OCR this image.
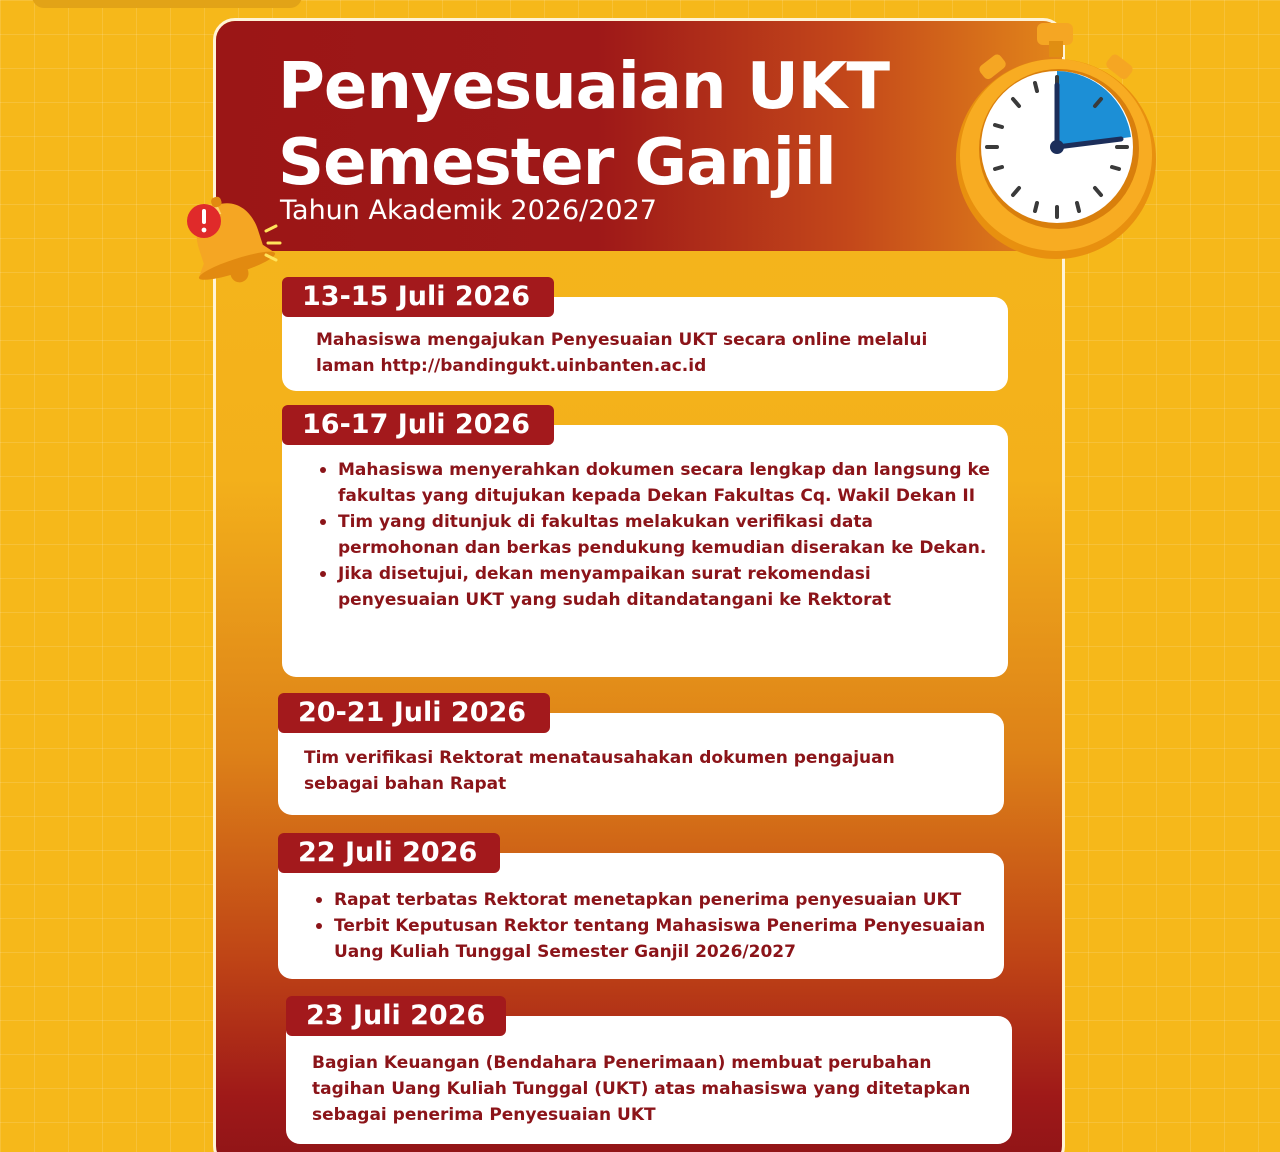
Penyesuaian UKT
Semester Ganjil
Tahun Akademik 2026/2027
13-15 Juli 2026
Mahasiswa mengajukan Penyesuaian UKT secara online melalui laman http://bandingukt.uinbanten.ac.id
16-17 Juli 2026
Mahasiswa menyerahkan dokumen secara lengkap dan langsung ke fakultas yang ditujukan kepada Dekan Fakultas Cq. Wakil Dekan II
Tim yang ditunjuk di fakultas melakukan verifikasi data permohonan dan berkas pendukung kemudian diserakan ke Dekan.
Jika disetujui, dekan menyampaikan surat rekomendasi penyesuaian UKT yang sudah ditandatangani ke Rektorat
20-21 Juli 2026
Tim verifikasi Rektorat menatausahakan dokumen pengajuan sebagai bahan Rapat
22 Juli 2026
Rapat terbatas Rektorat menetapkan penerima penyesuaian UKT
Terbit Keputusan Rektor tentang Mahasiswa Penerima Penyesuaian Uang Kuliah Tunggal Semester Ganjil 2026/2027
23 Juli 2026
Bagian Keuangan (Bendahara Penerimaan) membuat perubahan tagihan Uang Kuliah Tunggal (UKT) atas mahasiswa yang ditetapkan sebagai penerima Penyesuaian UKT
